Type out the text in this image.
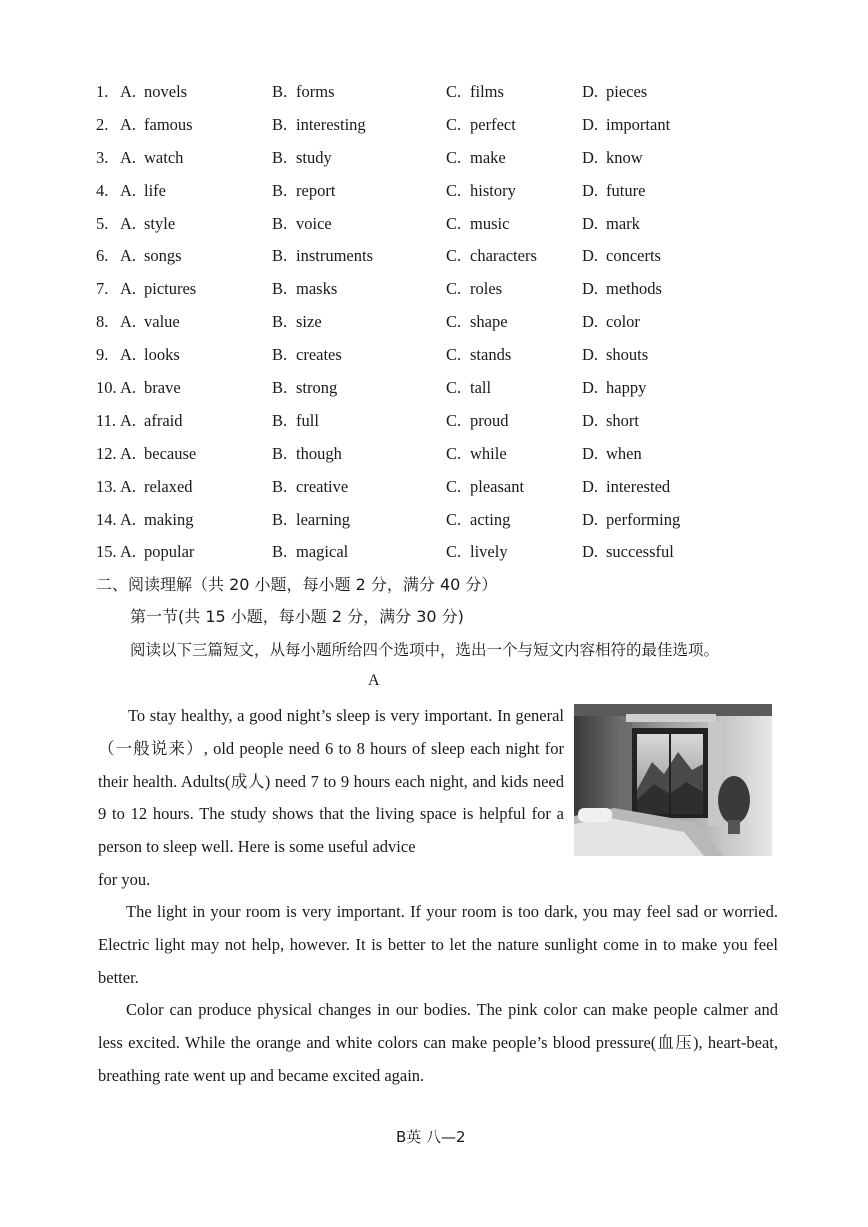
1. A. novels	B. forms	C. films	D. pieces
2. A. famous	B. interesting	C. perfect	D. important
3. A. watch	B. study	C. make	D. know
4. A. life	B. report	C. history	D. future
5. A. style	B. voice	C. music	D. mark
6. A. songs	B. instruments	C. characters	D. concerts
7. A. pictures	B. masks	C. roles	D. methods
8. A. value	B. size	C. shape	D. color
9. A. looks	B. creates	C. stands	D. shouts
10. A. brave	B. strong	C. tall	D. happy
11. A. afraid	B. full	C. proud	D. short
12. A. because	B. though	C. while	D. when
13. A. relaxed	B. creative	C. pleasant	D. interested
14. A. making	B. learning	C. acting	D. performing
15. A. popular	B. magical	C. lively	D. successful
二、阅读理解（共 20 小题，每小题 2 分，满分 40 分）
第一节(共 15 小题，每小题 2 分，满分 30 分)
阅读以下三篇短文，从每小题所给四个选项中，选出一个与短文内容相符的最佳选项。
A
To stay healthy, a good night’s sleep is very important. In general（一般说来）, old people need 6 to 8 hours of sleep each night for their health. Adults(成人) need 7 to 9 hours each night, and kids need 9 to 12 hours. The study shows that the living space is helpful for a person to sleep well. Here is some useful advice
for you.
The light in your room is very important. If your room is too dark, you may feel sad or worried. Electric light may not help, however. It is better to let the nature sunlight come in to make you feel better.
Color can produce physical changes in our bodies. The pink color can make people calmer and less excited. While the orange and white colors can make people’s blood pressure(血压), heart-beat, breathing rate went up and became excited again.
B英 八—2
